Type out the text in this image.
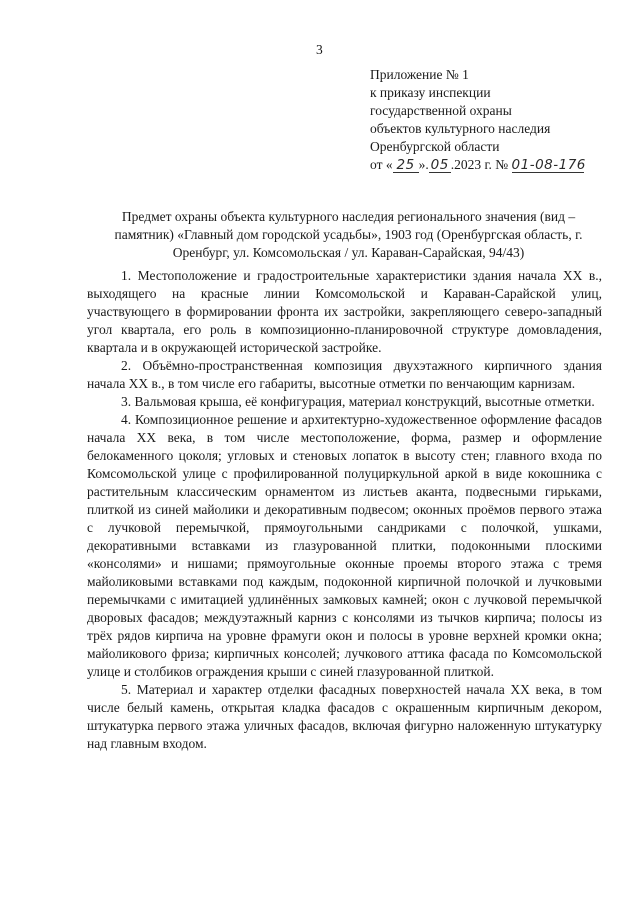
3
Приложение № 1
к приказу инспекции
государственной охраны
объектов культурного наследия
Оренбургской области
от « 25 ». 05 .2023 г. № 01-08-176
Предмет охраны объекта культурного наследия регионального значения (вид – памятник) «Главный дом городской усадьбы», 1903 год (Оренбургская область, г. Оренбург, ул. Комсомольская / ул. Караван-Сарайская, 94/43)

1. Местоположение и градостроительные характеристики здания начала XX в., выходящего на красные линии Комсомольской и Караван-Сарайской улиц, участвующего в формировании фронта их застройки, закрепляющего северо-западный угол квартала, его роль в композиционно-планировочной структуре домовладения, квартала и в окружающей исторической застройке.

2. Объёмно-пространственная композиция двухэтажного кирпичного здания начала XX в., в том числе его габариты, высотные отметки по венчающим карнизам.

3. Вальмовая крыша, её конфигурация, материал конструкций, высотные отметки.

4. Композиционное решение и архитектурно-художественное оформление фасадов начала XX века, в том числе местоположение, форма, размер и оформление белокаменного цоколя; угловых и стеновых лопаток в высоту стен; главного входа по Комсомольской улице с профилированной полуциркульной аркой в виде кокошника с растительным классическим орнаментом из листьев аканта, подвесными гирьками, плиткой из синей майолики и декоративным подвесом; оконных проёмов первого этажа с лучковой перемычкой, прямоугольными сандриками с полочкой, ушками, декоративными вставками из глазурованной плитки, подоконными плоскими «консолями» и нишами; прямоугольные оконные проемы второго этажа с тремя майоликовыми вставками под каждым, подоконной кирпичной полочкой и лучковыми перемычками с имитацией удлинённых замковых камней; окон с лучковой перемычкой дворовых фасадов; междуэтажный карниз с консолями из тычков кирпича; полосы из трёх рядов кирпича на уровне фрамуги окон и полосы в уровне верхней кромки окна; майоликового фриза; кирпичных консолей; лучкового аттика фасада по Комсомольской улице и столбиков ограждения крыши с синей глазурованной плиткой.

5. Материал и характер отделки фасадных поверхностей начала XX века, в том числе белый камень, открытая кладка фасадов с окрашенным кирпичным декором, штукатурка первого этажа уличных фасадов, включая фигурно наложенную штукатурку над главным входом.
